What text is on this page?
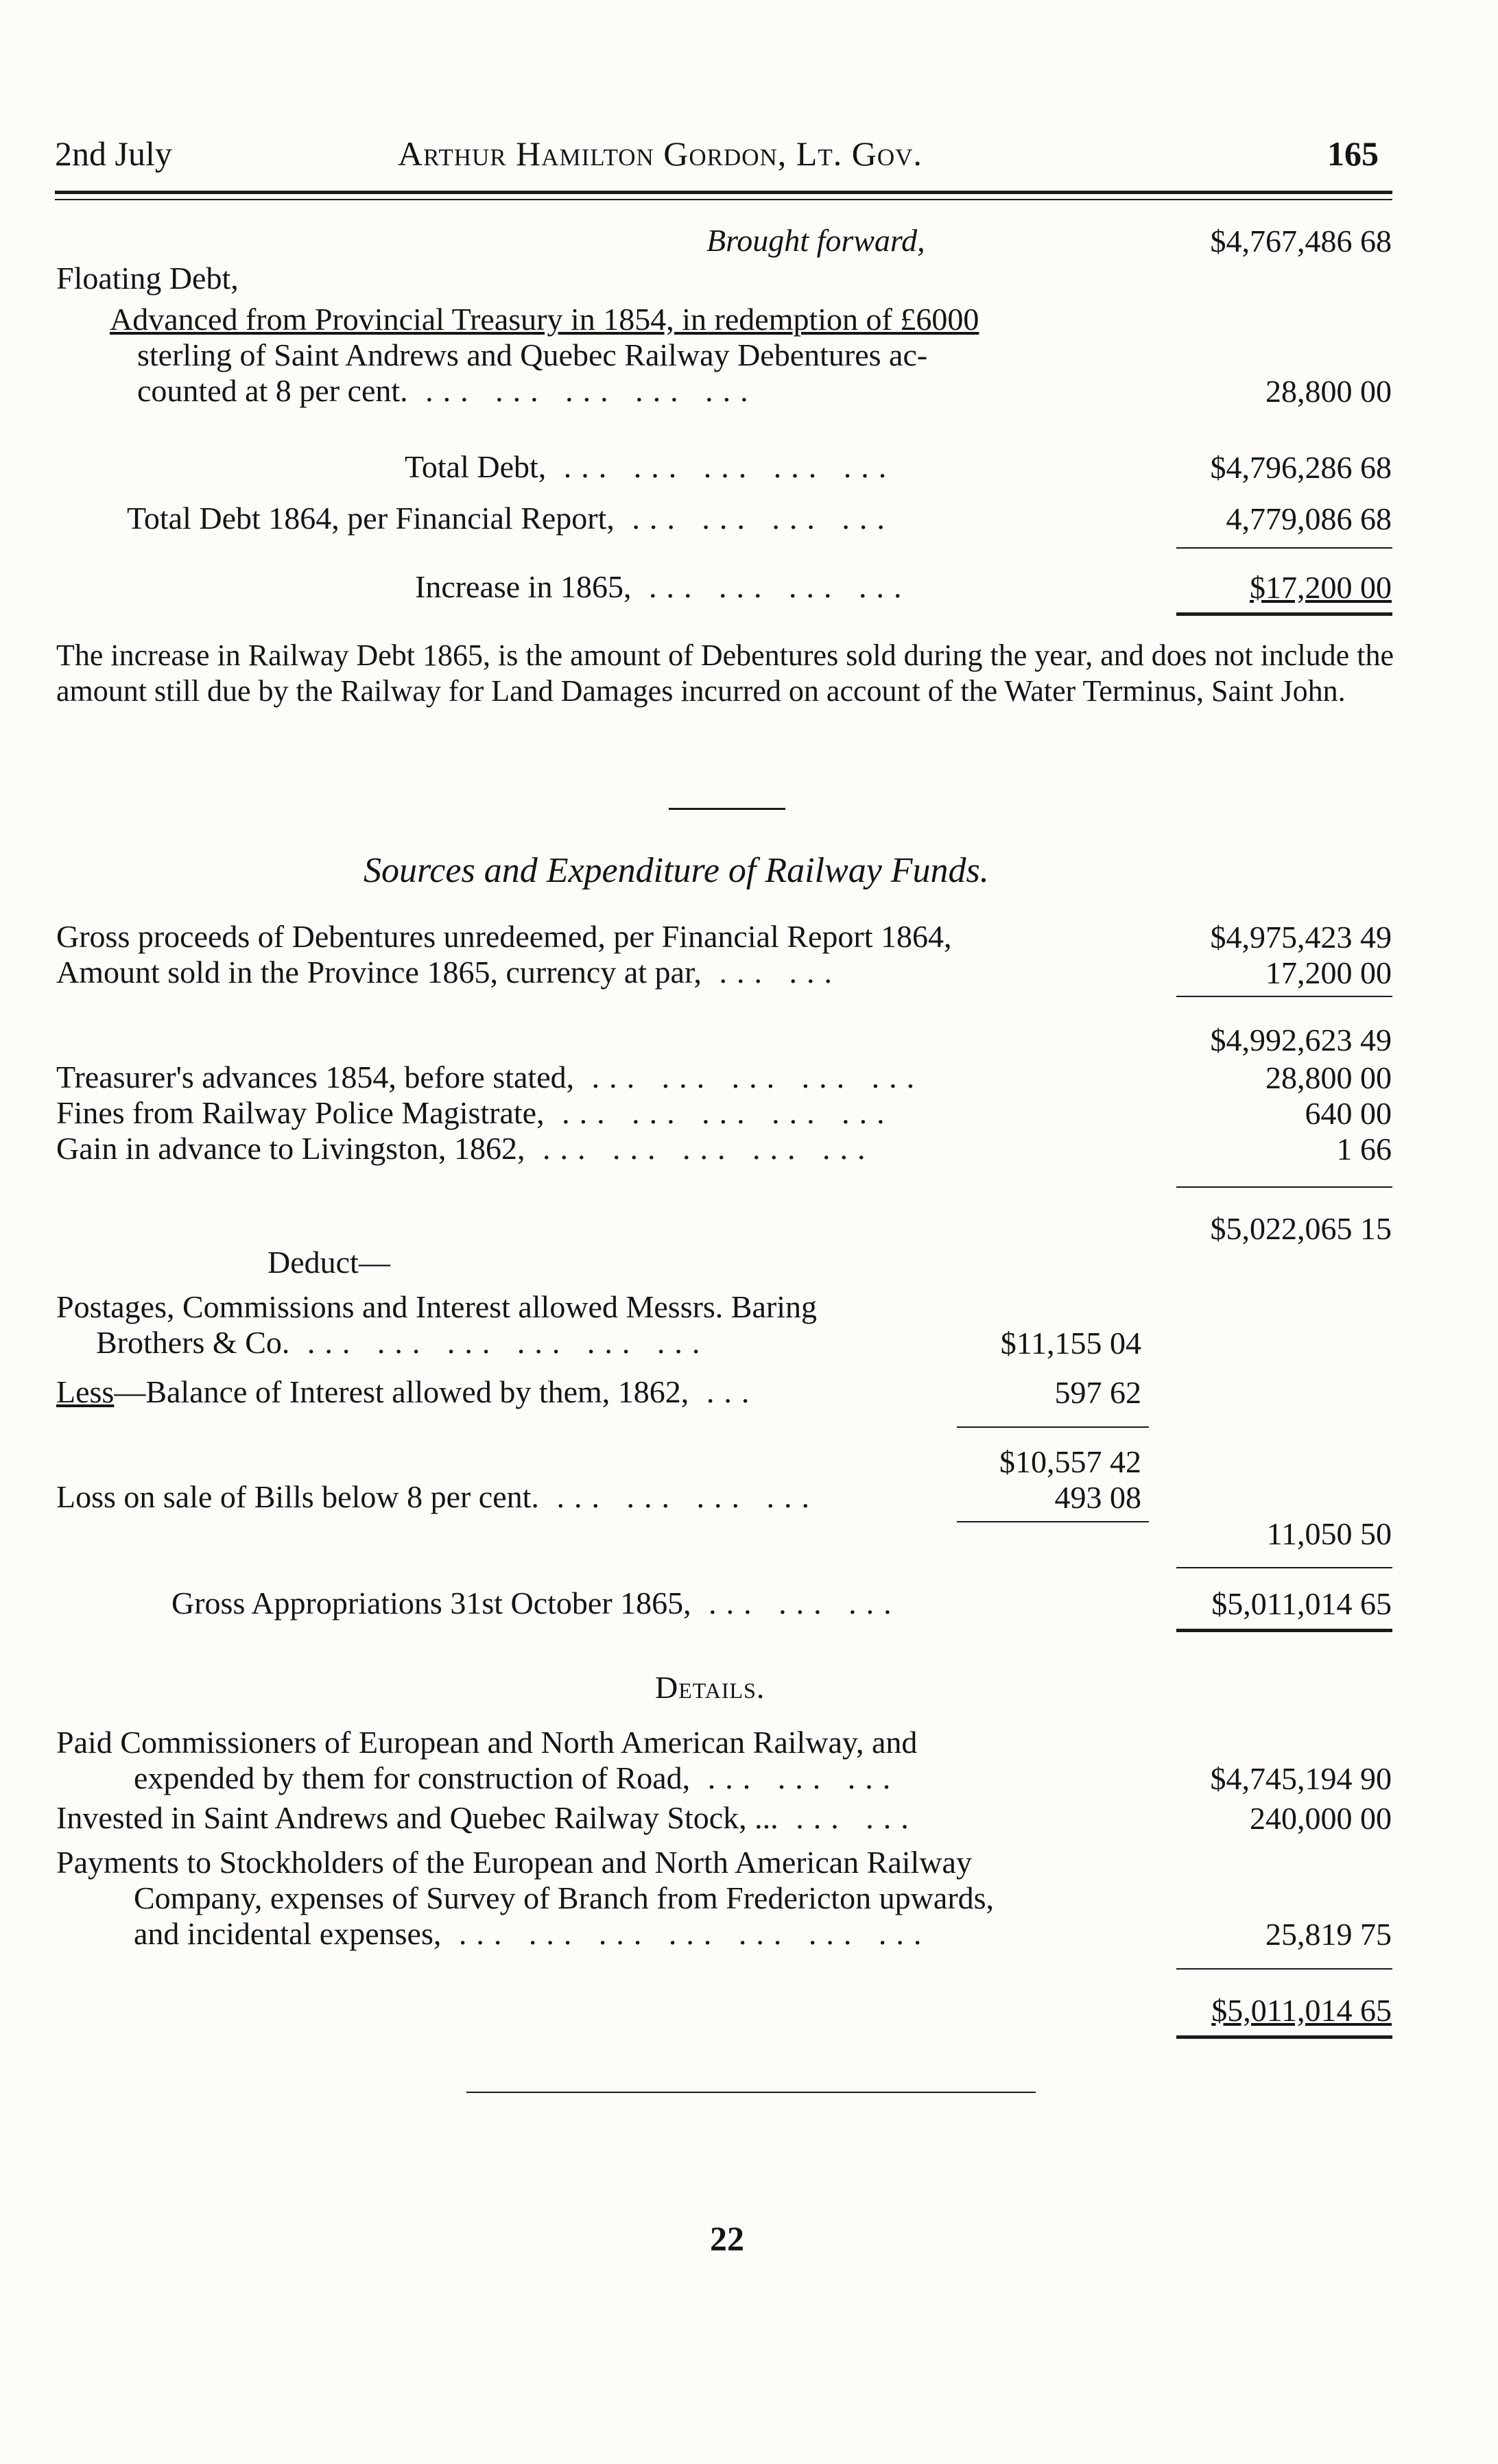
2nd July	Arthur Hamilton Gordon, Lt. Gov.	165
Brought forward,	$4,767,486 68
Floating Debt,
Advanced from Provincial Treasury in 1854, in redemption of £6000
sterling of Saint Andrews and Quebec Railway Debentures ac-
counted at 8 per cent. ... ... ... ... ...	28,800 00
Total Debt, ... ... ... ... ...	$4,796,286 68
Total Debt 1864, per Financial Report, ... ... ... ...	4,779,086 68
Increase in 1865, ... ... ... ...	$17,200 00
The increase in Railway Debt 1865, is the amount of Debentures sold during the year, and does not include the amount still due by the Railway for Land Damages incurred on account of the Water Terminus, Saint John.
Sources and Expenditure of Railway Funds.
Gross proceeds of Debentures unredeemed, per Financial Report 1864,	$4,975,423 49
Amount sold in the Province 1865, currency at par, ... ...	17,200 00
$4,992,623 49
Treasurer's advances 1854, before stated, ... ... ... ... ...	28,800 00
Fines from Railway Police Magistrate, ... ... ... ... ...	640 00
Gain in advance to Livingston, 1862, ... ... ... ... ...	1 66
$5,022,065 15
Deduct—
Postages, Commissions and Interest allowed Messrs. Baring
Brothers & Co. ... ... ... ... ... ...	$11,155 04
Less—Balance of Interest allowed by them, 1862, ...	597 62
$10,557 42
Loss on sale of Bills below 8 per cent. ... ... ... ...	493 08
11,050 50
Gross Appropriations 31st October 1865, ... ... ...	$5,011,014 65
Details.
Paid Commissioners of European and North American Railway, and
expended by them for construction of Road, ... ... ...	$4,745,194 90
Invested in Saint Andrews and Quebec Railway Stock, ... ... ...	240,000 00
Payments to Stockholders of the European and North American Railway
Company, expenses of Survey of Branch from Fredericton upwards,
and incidental expenses, ... ... ... ... ... ... ...	25,819 75
$5,011,014 65
22
